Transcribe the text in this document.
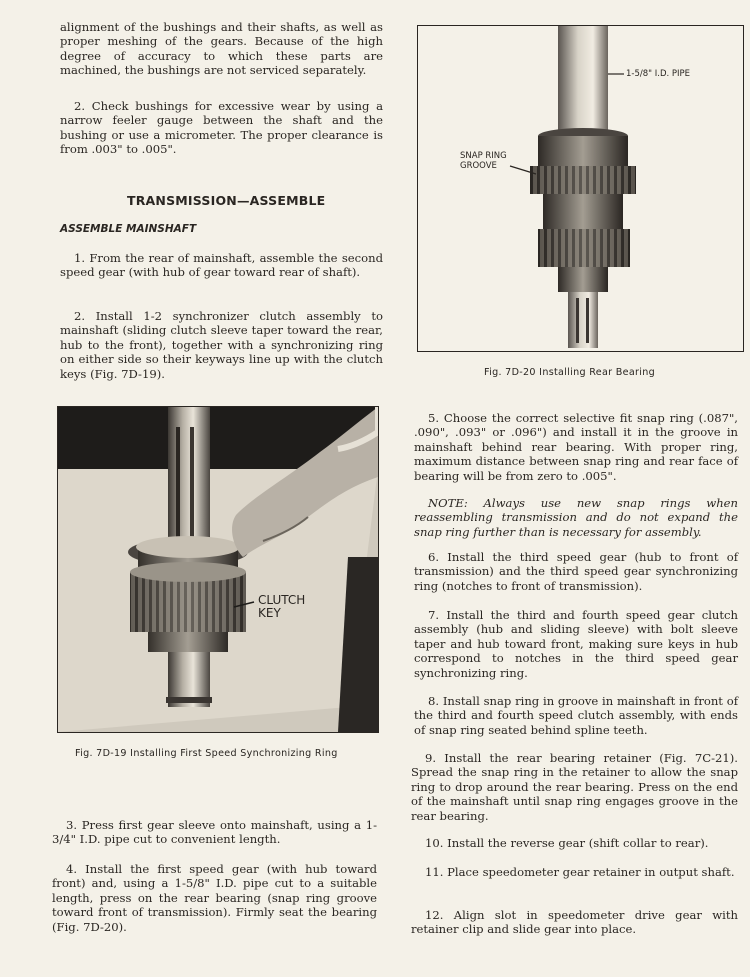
alignment of the bushings and their shafts, as well as proper meshing of the gears. Because of the high degree of accuracy to which these parts are machined, the bushings are not serviced separately.

2. Check bushings for excessive wear by using a narrow feeler gauge between the shaft and the bushing or use a micrometer. The proper clearance is from .003" to .005".

TRANSMISSION—ASSEMBLE
ASSEMBLE MAINSHAFT

1. From the rear of mainshaft, assemble the second speed gear (with hub of gear toward rear of shaft).

2. Install 1-2 synchronizer clutch assembly to mainshaft (sliding clutch sleeve taper toward the rear, hub to the front), together with a synchronizing ring on either side so their keyways line up with the clutch keys (Fig. 7D-19).

CLUTCH
KEY
Fig. 7D-19 Installing First Speed Synchronizing Ring

3. Press first gear sleeve onto mainshaft, using a 1-3/4" I.D. pipe cut to convenient length.

4. Install the first speed gear (with hub toward front) and, using a 1-5/8" I.D. pipe cut to a suitable length, press on the rear bearing (snap ring groove toward front of transmission). Firmly seat the bearing (Fig. 7D-20).

1-5/8" I.D. PIPE
SNAP RING
GROOVE
Fig. 7D-20 Installing Rear Bearing

5. Choose the correct selective fit snap ring (.087", .090", .093" or .096") and install it in the groove in mainshaft behind rear bearing. With proper ring, maximum distance between snap ring and rear face of bearing will be from zero to .005".

NOTE: Always use new snap rings when reassembling transmission and do not expand the snap ring further than is necessary for assembly.

6. Install the third speed gear (hub to front of transmission) and the third speed gear synchronizing ring (notches to front of transmission).

7. Install the third and fourth speed gear clutch assembly (hub and sliding sleeve) with bolt sleeve taper and hub toward front, making sure keys in hub correspond to notches in the third speed gear synchronizing ring.

8. Install snap ring in groove in mainshaft in front of the third and fourth speed clutch assembly, with ends of snap ring seated behind spline teeth.

9. Install the rear bearing retainer (Fig. 7C-21). Spread the snap ring in the retainer to allow the snap ring to drop around the rear bearing. Press on the end of the mainshaft until snap ring engages groove in the rear bearing.

10. Install the reverse gear (shift collar to rear).

11. Place speedometer gear retainer in output shaft.

12. Align slot in speedometer drive gear with retainer clip and slide gear into place.
